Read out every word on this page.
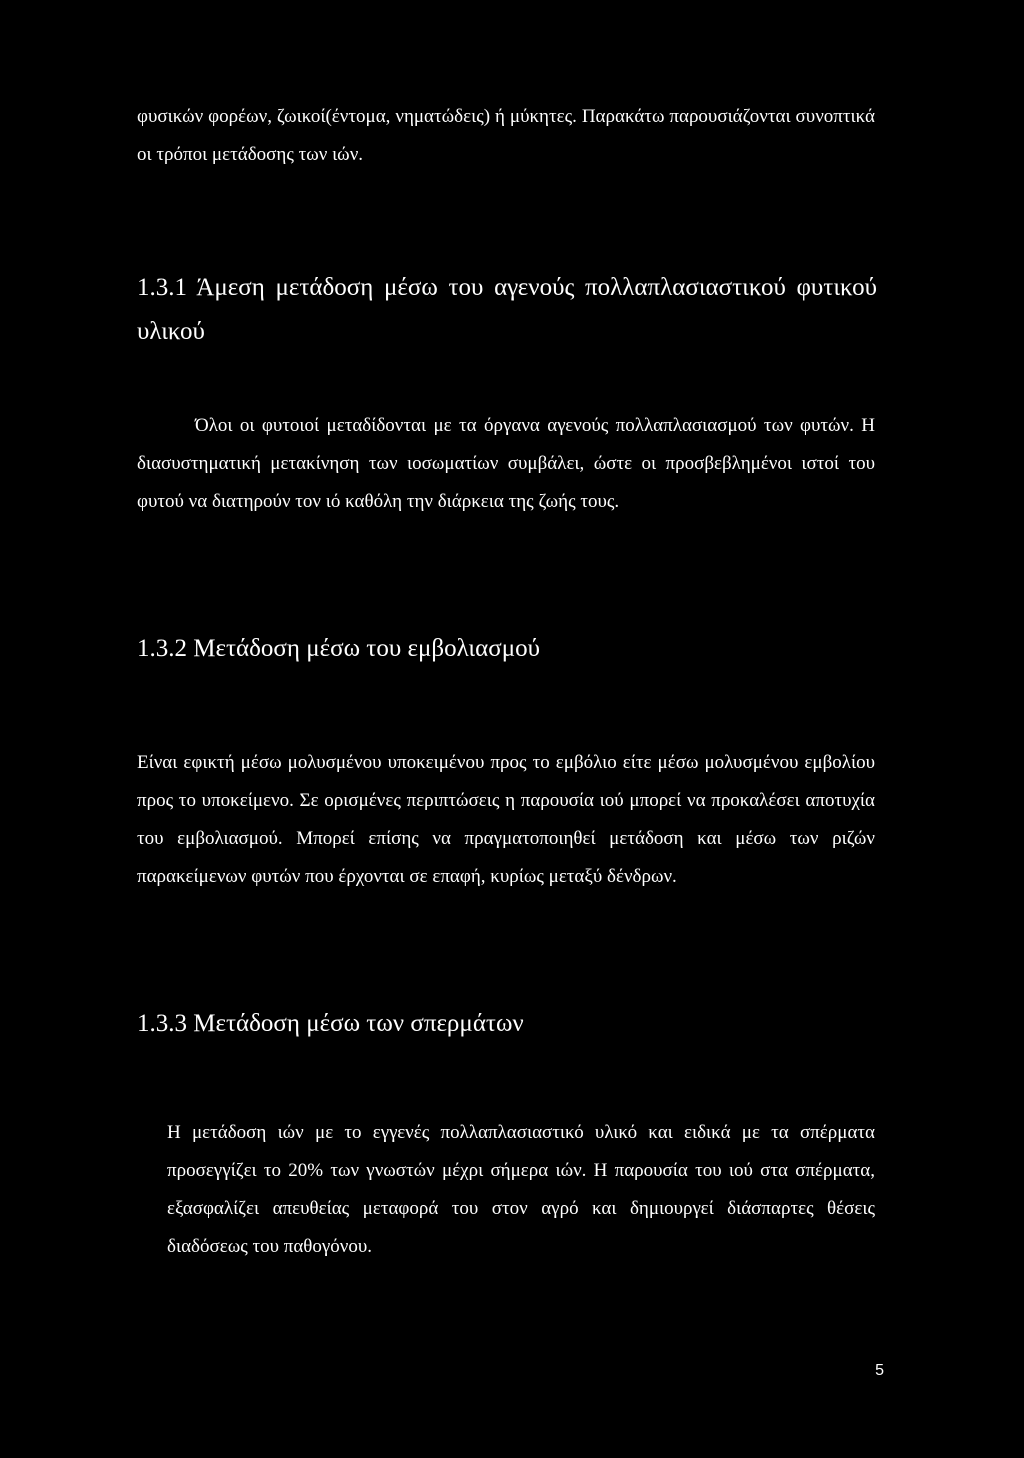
φυσικών φορέων, ζωικοί(έντομα, νηματώδεις) ή μύκητες. Παρακάτω παρουσιάζονται συνοπτικά οι τρόποι μετάδοσης των ιών.

1.3.1 Άμεση μετάδοση μέσω του αγενούς πολλαπλασιαστικού φυτικού υλικού

Όλοι οι φυτοιοί μεταδίδονται με τα όργανα αγενούς πολλαπλασιασμού των φυτών. Η διασυστηματική μετακίνηση των ιοσωματίων συμβάλει, ώστε οι προσβεβλημένοι ιστοί του φυτού να διατηρούν τον ιό καθόλη την διάρκεια της ζωής τους.

1.3.2 Μετάδοση μέσω του εμβολιασμού

Είναι εφικτή μέσω μολυσμένου υποκειμένου προς το εμβόλιο είτε μέσω μολυσμένου εμβολίου προς το υποκείμενο. Σε ορισμένες περιπτώσεις η παρουσία ιού μπορεί να προκαλέσει αποτυχία του εμβολιασμού. Μπορεί επίσης να πραγματοποιηθεί μετάδοση και μέσω των ριζών παρακείμενων φυτών που έρχονται σε επαφή, κυρίως μεταξύ δένδρων.

1.3.3 Μετάδοση μέσω των σπερμάτων

Η μετάδοση ιών με το εγγενές πολλαπλασιαστικό υλικό και ειδικά με τα σπέρματα προσεγγίζει το 20% των γνωστών μέχρι σήμερα ιών. Η παρουσία του ιού στα σπέρματα, εξασφαλίζει απευθείας μεταφορά του στον αγρό και δημιουργεί διάσπαρτες θέσεις διαδόσεως του παθογόνου.

5
